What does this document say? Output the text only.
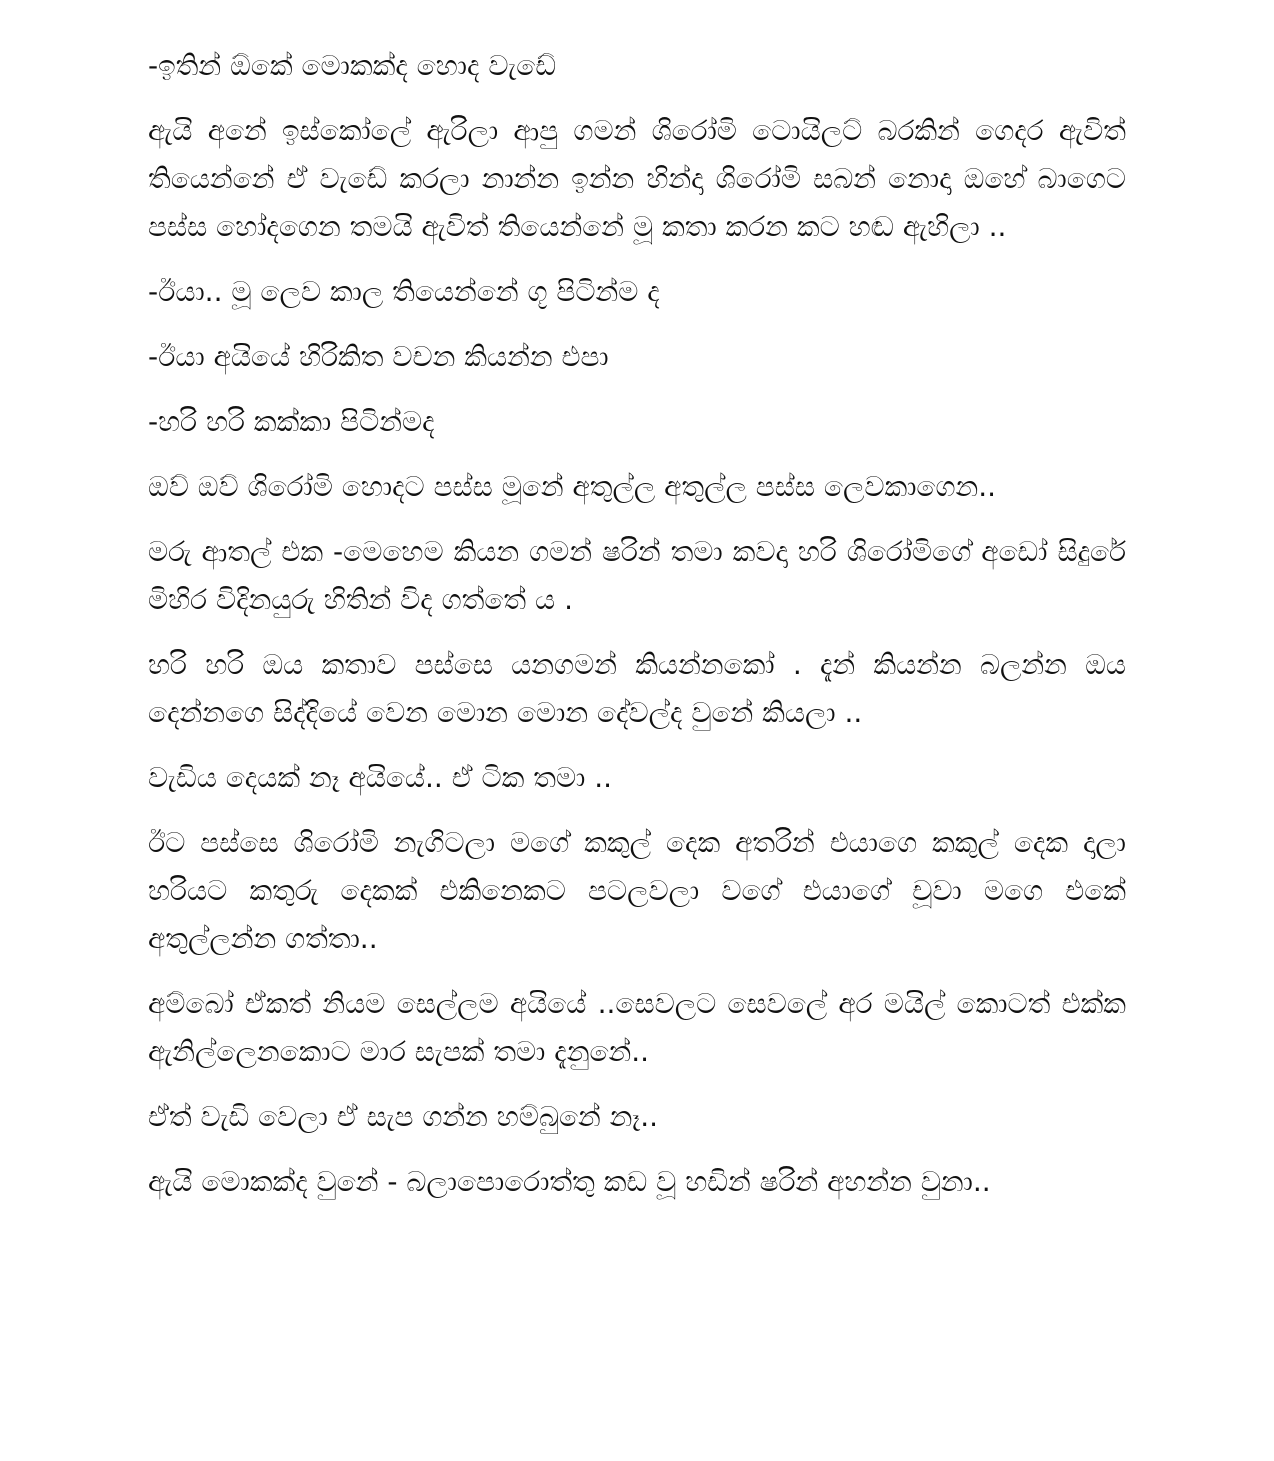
-ඉතින් ඕකේ මොකක්ද හොද වැඩේ

ඇයි අනේ ඉස්කෝලේ ඇරිලා ආපු ගමන් ශිරෝමි ටොයිලට් බරකින් ගෙදර ඇවිත් තියෙන්නේ ඒ වැඩේ කරලා නාන්න ඉන්න හින්දා ශිරෝමි සබන් නොදා ඔහේ බාගෙට පස්ස හෝදගෙන තමයි ඇවිත් තියෙන්නේ මූ කතා කරන කට හඬ ඇහිලා ..

-ඊයා.. මූ ලෙව කාල තියෙන්නේ ගූ පිටින්ම ද

-ඊයා අයියේ හිරිකිත වචන කියන්න එපා

-හරි හරි කක්කා පිටින්මද

ඔව් ඔව් ශිරෝමි හොදට පස්ස මූනේ අතුල්ල අතුල්ල පස්ස ලෙවකාගෙන..

මරු ආතල් එක -මෙහෙම කියන ගමන් ෂරින් තමා කවදා හරි ශිරෝමිගේ අඩෝ සිදුරේ මිහිර විදිනයුරු හිතින් විද ගත්තේ ය .

හරි හරි ඔය කතාව පස්සෙ යනගමන් කියන්නකෝ . දැන් කියන්න බලන්න ඔය දෙන්නගෙ සිද්දියේ වෙන මොන මොන දේවල්ද වුනේ කියලා ..

වැඩිය දෙයක් නෑ අයියේ.. ඒ ටික තමා ..

ඊට පස්සෙ ශිරෝමි නැගිටලා මගේ කකුල් දෙක අතරින් එයාගෙ කකුල් දෙක දාලා හරියට කතුරු දෙකක් එකිනෙකට පටලවලා වගේ එයාගේ චූවා මගෙ එකේ අතුල්ලන්න ගත්තා..

අම්බෝ ඒකත් නියම සෙල්ලම අයියේ ..සෙවලට සෙවලේ අර මයිල් කොටත් එක්ක ඇනිල්ලෙනකොට මාර සැපක් තමා දැනුනේ..

ඒත් වැඩි වෙලා ඒ සැප ගන්න හම්බුනේ නෑ..

ඇයි මොකක්ද වුනේ - බලාපොරොත්තු කඩ වූ හඩින් ෂරින් අහන්න වුනා..
